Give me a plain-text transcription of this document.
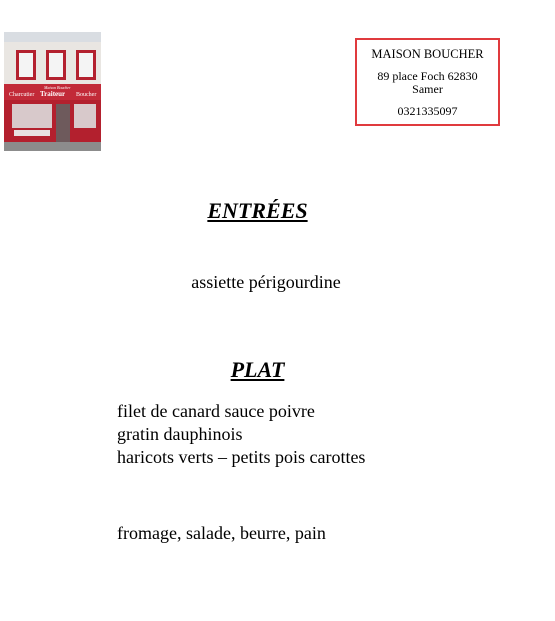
Charcutier Traiteur Boucher
Maison Boucher
MAISON BOUCHER
89 place Foch 62830
Samer
0321335097
ENTRÉES
assiette périgourdine
PLAT
filet de canard sauce poivre
gratin dauphinois
haricots verts – petits pois carottes
fromage, salade, beurre, pain
